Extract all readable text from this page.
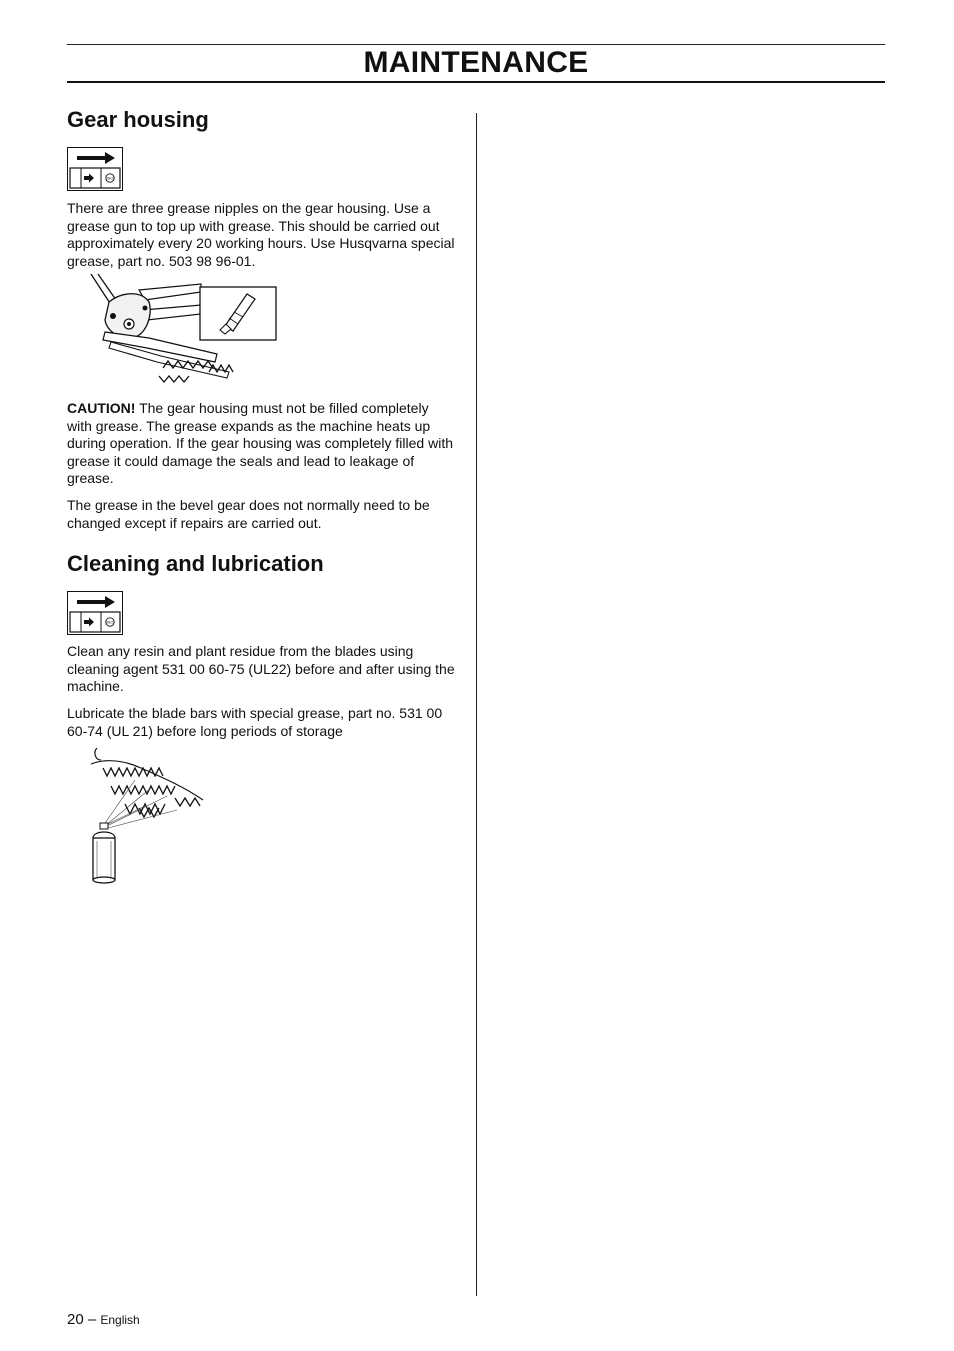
MAINTENANCE
Gear housing
ISO

There are three grease nipples on the gear housing. Use a grease gun to top up with grease. This should be carried out approximately every 20 working hours. Use Husqvarna special grease, part no. 503 98 96-01.

CAUTION! The gear housing must not be filled completely with grease. The grease expands as the machine heats up during operation. If the gear housing was completely filled with grease it could damage the seals and lead to leakage of grease.

The grease in the bevel gear does not normally need to be changed except if repairs are carried out.

Cleaning and lubrication
ISO

Clean any resin and plant residue from the blades using cleaning agent 531 00 60-75 (UL22) before and after using the machine.

Lubricate the blade bars with special grease, part no. 531 00 60-74 (UL 21) before long periods of storage

20 – English
